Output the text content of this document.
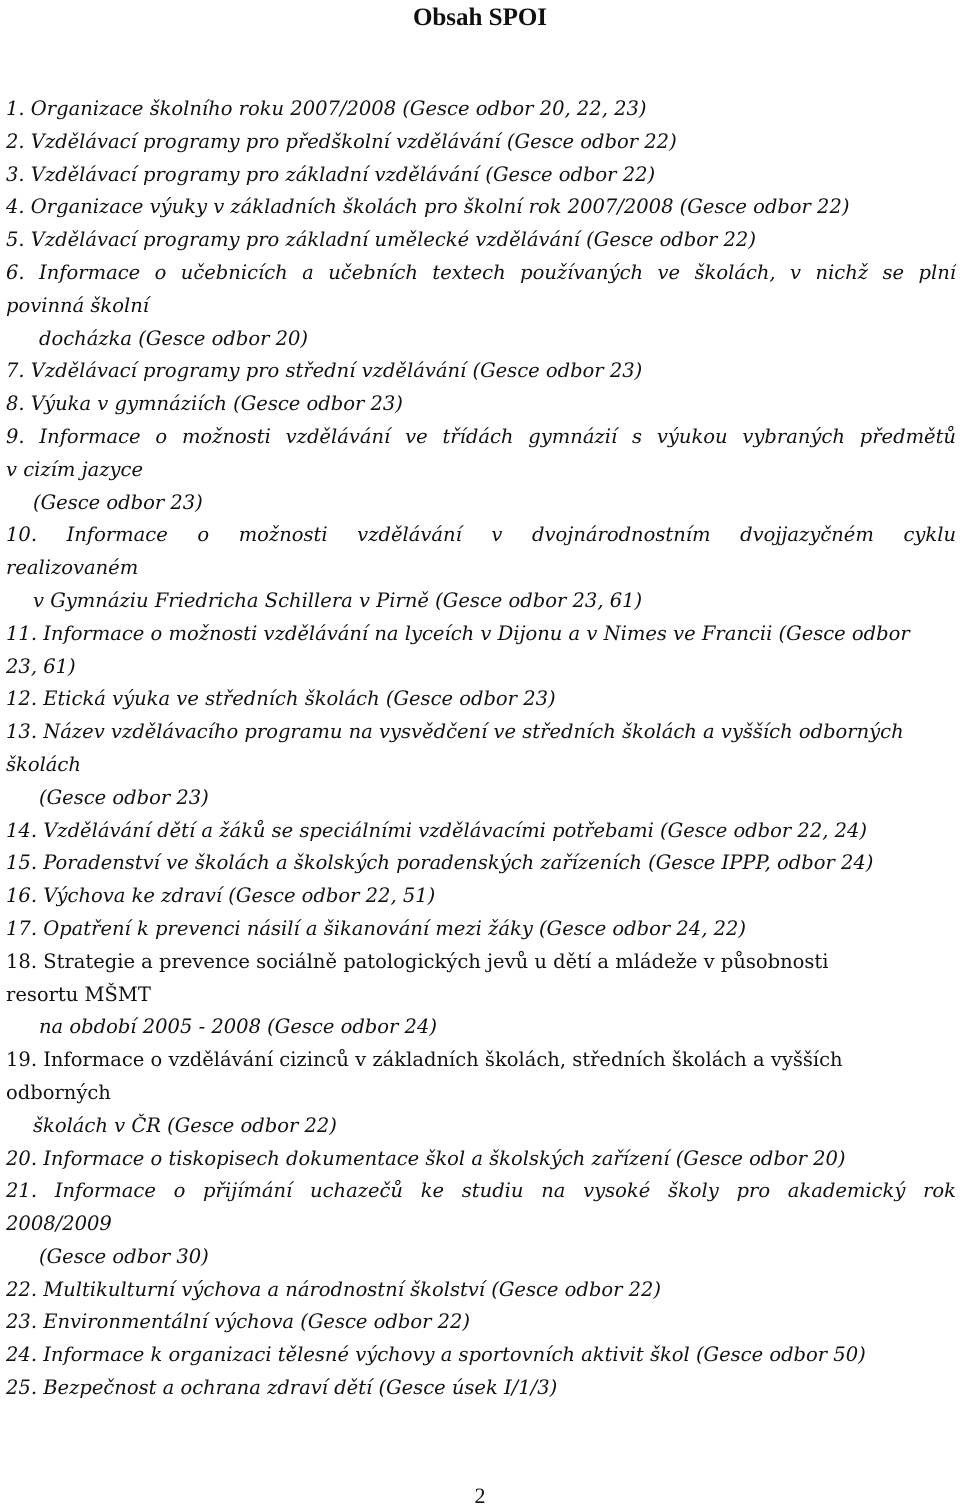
Obsah SPOI
1. Organizace školního roku 2007/2008 (Gesce odbor 20, 22, 23)
2. Vzdělávací programy pro předškolní vzdělávání (Gesce odbor 22)
3. Vzdělávací programy pro základní vzdělávání (Gesce odbor 22)
4. Organizace výuky v základních školách pro školní rok 2007/2008 (Gesce odbor 22)
5. Vzdělávací programy pro základní umělecké vzdělávání (Gesce odbor 22)
6. Informace o učebnicích a učebních textech používaných ve školách, v nichž se plní
povinná školní
docházka (Gesce odbor 20)
7. Vzdělávací programy pro střední vzdělávání (Gesce odbor 23)
8. Výuka v gymnáziích (Gesce odbor 23)
9. Informace o možnosti vzdělávání ve třídách gymnázií s výukou vybraných předmětů
v cizím jazyce
(Gesce odbor 23)
10. Informace o možnosti vzdělávání v dvojnárodnostním dvojjazyčném cyklu
realizovaném
v Gymnáziu Friedricha Schillera v Pirně (Gesce odbor 23, 61)
11. Informace o možnosti vzdělávání na lyceích v Dijonu a v Nimes ve Francii (Gesce odbor
23, 61)
12. Etická výuka ve středních školách (Gesce odbor 23)
13. Název vzdělávacího programu na vysvědčení ve středních školách a vyšších odborných
školách
(Gesce odbor 23)
14. Vzdělávání dětí a žáků se speciálními vzdělávacími potřebami (Gesce odbor 22, 24)
15. Poradenství ve školách a školských poradenských zařízeních (Gesce IPPP, odbor 24)
16. Výchova ke zdraví (Gesce odbor 22, 51)
17. Opatření k prevenci násilí a šikanování mezi žáky (Gesce odbor 24, 22)
18. Strategie a prevence sociálně patologických jevů u dětí a mládeže v působnosti
resortu MŠMT
na období 2005 - 2008 (Gesce odbor 24)
19. Informace o vzdělávání cizinců v základních školách, středních školách a vyšších
odborných
školách v ČR (Gesce odbor 22)
20. Informace o tiskopisech dokumentace škol a školských zařízení (Gesce odbor 20)
21. Informace o přijímání uchazečů ke studiu na vysoké školy pro akademický rok
2008/2009
(Gesce odbor 30)
22. Multikulturní výchova a národnostní školství (Gesce odbor 22)
23. Environmentální výchova (Gesce odbor 22)
24. Informace k organizaci tělesné výchovy a sportovních aktivit škol (Gesce odbor 50)
25. Bezpečnost a ochrana zdraví dětí (Gesce úsek I/1/3)
2
